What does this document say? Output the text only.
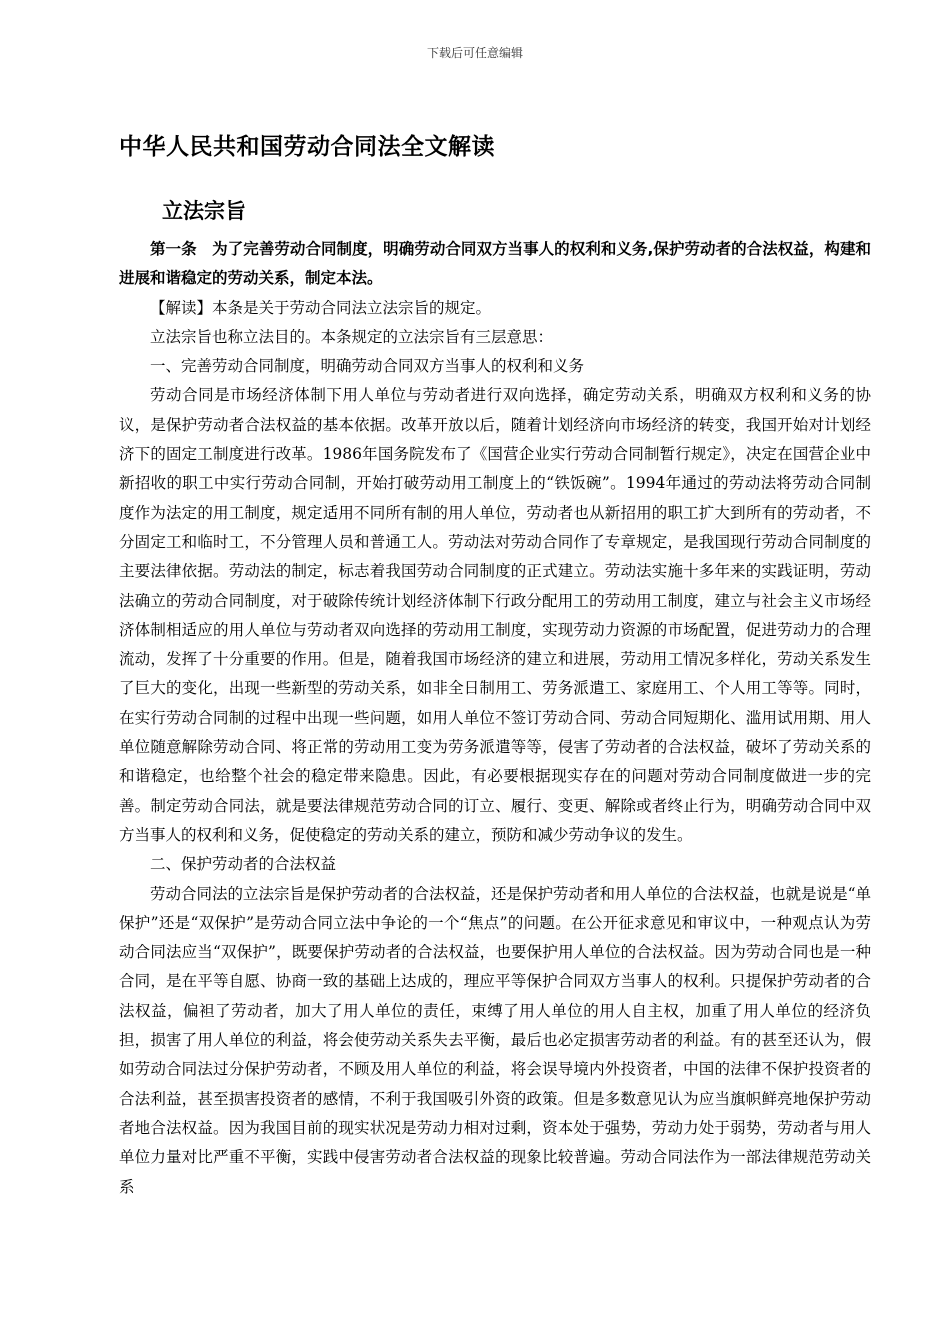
下载后可任意编辑
中华人民共和国劳动合同法全文解读
立法宗旨

第一条　为了完善劳动合同制度，明确劳动合同双方当事人的权利和义务,保护劳动者的合法权益，构建和进展和谐稳定的劳动关系，制定本法。

【解读】本条是关于劳动合同法立法宗旨的规定。

立法宗旨也称立法目的。本条规定的立法宗旨有三层意思：

一、完善劳动合同制度，明确劳动合同双方当事人的权利和义务

劳动合同是市场经济体制下用人单位与劳动者进行双向选择，确定劳动关系，明确双方权利和义务的协议，是保护劳动者合法权益的基本依据。改革开放以后，随着计划经济向市场经济的转变，我国开始对计划经济下的固定工制度进行改革。1986年国务院发布了《国营企业实行劳动合同制暂行规定》，决定在国营企业中新招收的职工中实行劳动合同制，开始打破劳动用工制度上的“铁饭碗”。1994年通过的劳动法将劳动合同制度作为法定的用工制度，规定适用不同所有制的用人单位，劳动者也从新招用的职工扩大到所有的劳动者，不分固定工和临时工，不分管理人员和普通工人。劳动法对劳动合同作了专章规定，是我国现行劳动合同制度的主要法律依据。劳动法的制定，标志着我国劳动合同制度的正式建立。劳动法实施十多年来的实践证明，劳动法确立的劳动合同制度，对于破除传统计划经济体制下行政分配用工的劳动用工制度，建立与社会主义市场经济体制相适应的用人单位与劳动者双向选择的劳动用工制度，实现劳动力资源的市场配置，促进劳动力的合理流动，发挥了十分重要的作用。但是，随着我国市场经济的建立和进展，劳动用工情况多样化，劳动关系发生了巨大的变化，出现一些新型的劳动关系，如非全日制用工、劳务派遣工、家庭用工、个人用工等等。同时，在实行劳动合同制的过程中出现一些问题，如用人单位不签订劳动合同、劳动合同短期化、滥用试用期、用人单位随意解除劳动合同、将正常的劳动用工变为劳务派遣等等，侵害了劳动者的合法权益，破坏了劳动关系的和谐稳定，也给整个社会的稳定带来隐患。因此，有必要根据现实存在的问题对劳动合同制度做进一步的完善。制定劳动合同法，就是要法律规范劳动合同的订立、履行、变更、解除或者终止行为，明确劳动合同中双方当事人的权利和义务，促使稳定的劳动关系的建立，预防和减少劳动争议的发生。

二、保护劳动者的合法权益

劳动合同法的立法宗旨是保护劳动者的合法权益，还是保护劳动者和用人单位的合法权益，也就是说是“单保护”还是“双保护”是劳动合同立法中争论的一个“焦点”的问题。在公开征求意见和审议中，一种观点认为劳动合同法应当“双保护”，既要保护劳动者的合法权益，也要保护用人单位的合法权益。因为劳动合同也是一种合同，是在平等自愿、协商一致的基础上达成的，理应平等保护合同双方当事人的权利。只提保护劳动者的合法权益，偏袒了劳动者，加大了用人单位的责任，束缚了用人单位的用人自主权，加重了用人单位的经济负担，损害了用人单位的利益，将会使劳动关系失去平衡，最后也必定损害劳动者的利益。有的甚至还认为，假如劳动合同法过分保护劳动者，不顾及用人单位的利益，将会误导境内外投资者，中国的法律不保护投资者的合法利益，甚至损害投资者的感情，不利于我国吸引外资的政策。但是多数意见认为应当旗帜鲜亮地保护劳动者地合法权益。因为我国目前的现实状况是劳动力相对过剩，资本处于强势，劳动力处于弱势，劳动者与用人单位力量对比严重不平衡，实践中侵害劳动者合法权益的现象比较普遍。劳动合同法作为一部法律规范劳动关系
